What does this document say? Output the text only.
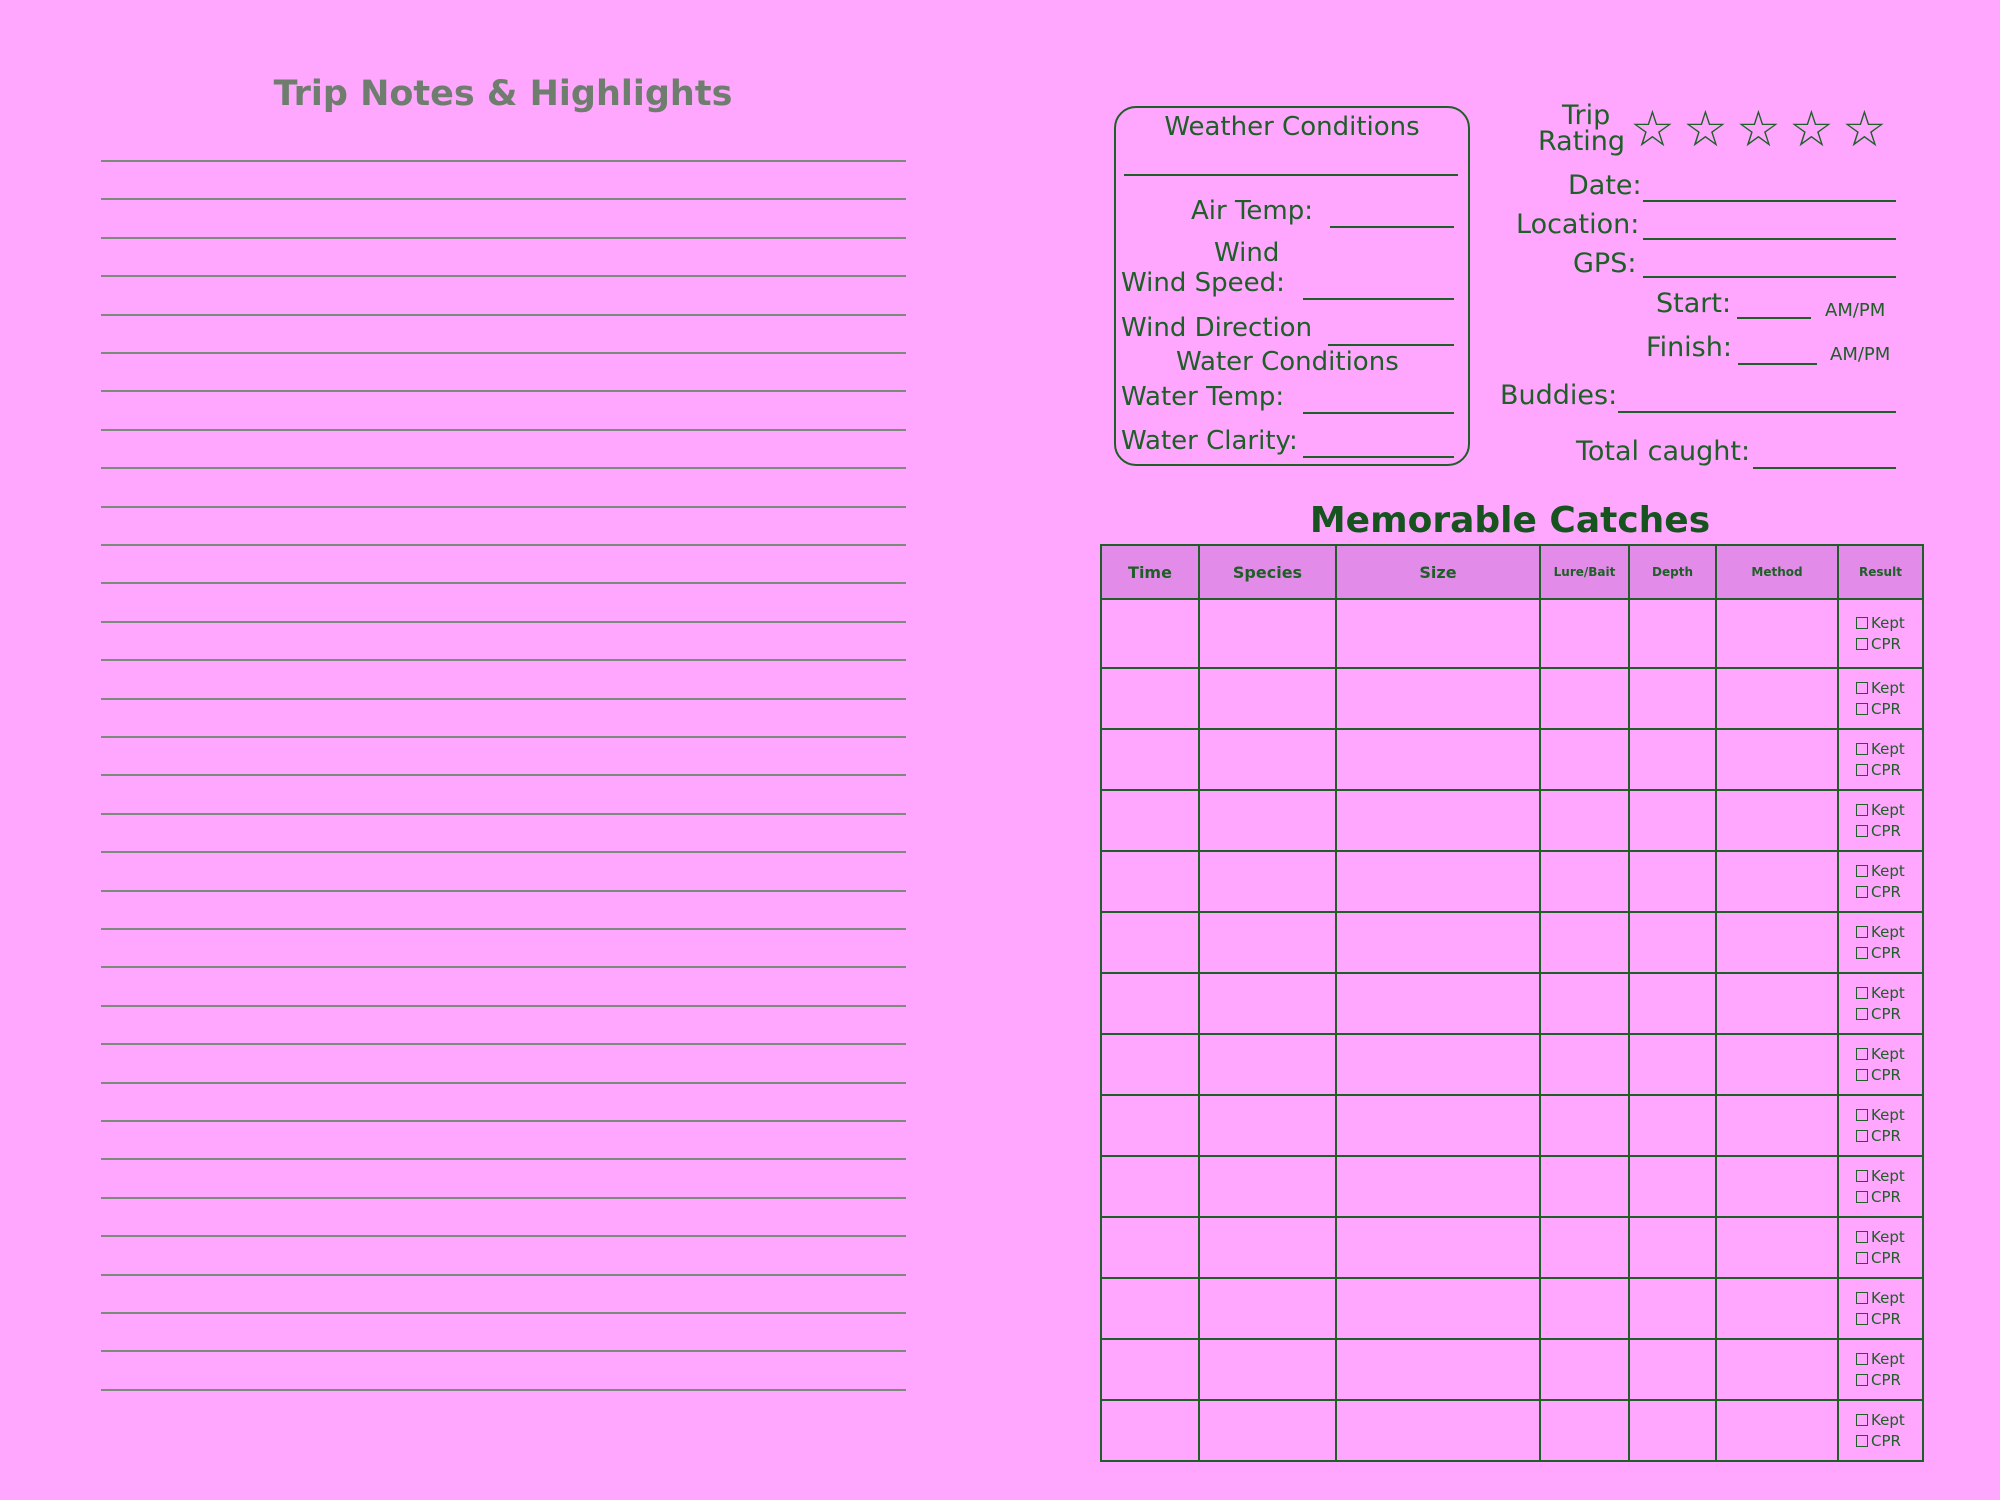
Trip Notes & Highlights
Weather Conditions
Air Temp:
Wind
Wind Speed:
Wind Direction
Water Conditions
Water Temp:
Water Clarity:
Trip
Rating ☆ ☆ ☆ ☆ ☆
Date:
Location:
GPS:
Start:	AM/PM
Finish:	AM/PM
Buddies:
Total caught:
Memorable Catches
Time	Species	Size	Lure/Bait	Depth	Method	Result

						Kept
CPR

						Kept
CPR

						Kept
CPR

						Kept
CPR

						Kept
CPR

						Kept
CPR

						Kept
CPR

						Kept
CPR

						Kept
CPR

						Kept
CPR

						Kept
CPR

						Kept
CPR

						Kept
CPR

						Kept
CPR
